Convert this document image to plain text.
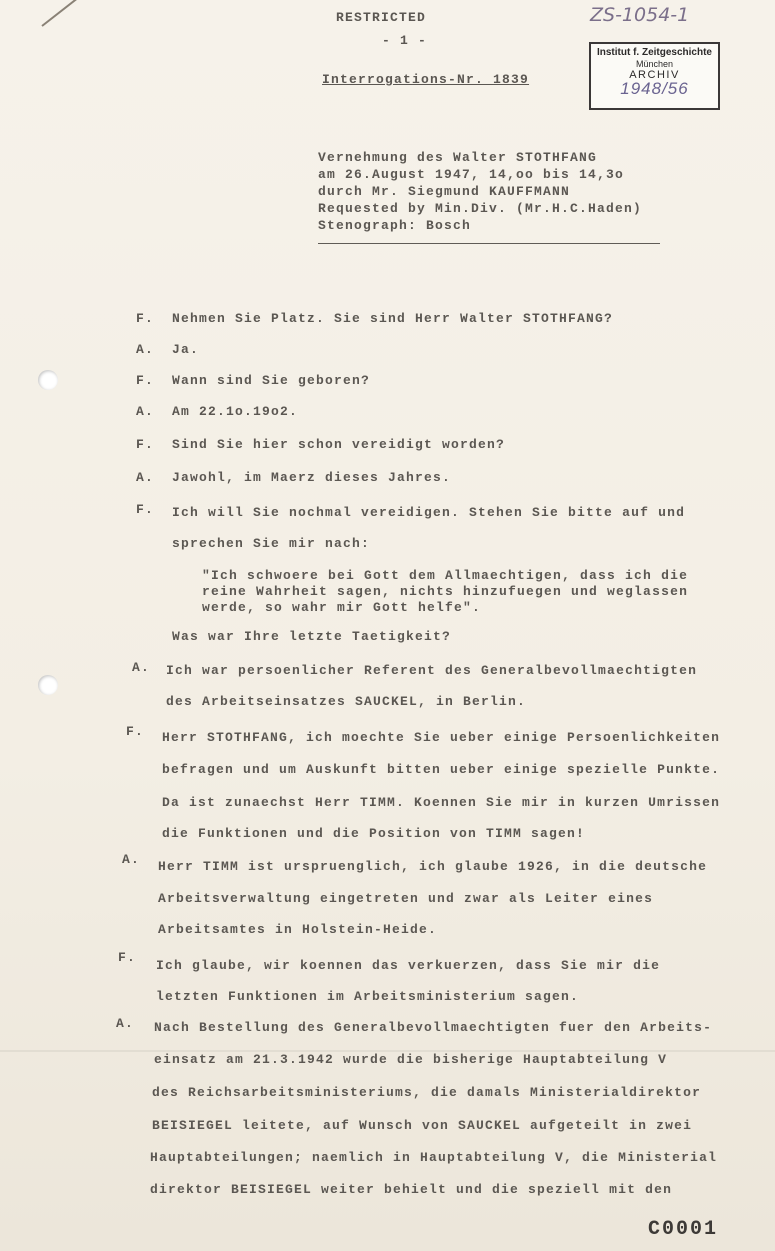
RESTRICTED

- 1 -

Interrogations-Nr. 1839

ZS-1054-1

Institut f. Zeitgeschichte
München
ARCHIV
1948/56

Vernehmung des Walter STOTHFANG

am 26.August 1947, 14,oo bis 14,3o

durch Mr. Siegmund KAUFFMANN

Requested by Min.Div. (Mr.H.C.Haden)

Stenograph: Bosch

F. Nehmen Sie Platz. Sie sind Herr Walter STOTHFANG?

A. Ja.

F. Wann sind Sie geboren?

A. Am 22.1o.19o2.

F. Sind Sie hier schon vereidigt worden?

A. Jawohl, im Maerz dieses Jahres.

F. Ich will Sie nochmal vereidigen. Stehen Sie bitte auf und

sprechen Sie mir nach:

"Ich schwoere bei Gott dem Allmaechtigen, dass ich die

reine Wahrheit sagen, nichts hinzufuegen und weglassen

werde, so wahr mir Gott helfe".

Was war Ihre letzte Taetigkeit?

A. Ich war persoenlicher Referent des Generalbevollmaechtigten

des Arbeitseinsatzes SAUCKEL, in Berlin.

F. Herr STOTHFANG, ich moechte Sie ueber einige Persoenlichkeiten

befragen und um Auskunft bitten ueber einige spezielle Punkte.

Da ist zunaechst Herr TIMM. Koennen Sie mir in kurzen Umrissen

die Funktionen und die Position von TIMM sagen!

A. Herr TIMM ist urspruenglich, ich glaube 1926, in die deutsche

Arbeitsverwaltung eingetreten und zwar als Leiter eines

Arbeitsamtes in Holstein-Heide.

F.

Ich glaube, wir koennen das verkuerzen, dass Sie mir die

letzten Funktionen im Arbeitsministerium sagen.

A. Nach Bestellung des Generalbevollmaechtigten fuer den Arbeits-

einsatz am 21.3.1942 wurde die bisherige Hauptabteilung V

des Reichsarbeitsministeriums, die damals Ministerialdirektor

BEISIEGEL leitete, auf Wunsch von SAUCKEL aufgeteilt in zwei

Hauptabteilungen; naemlich in Hauptabteilung V, die Ministerial

direktor BEISIEGEL weiter behielt und die speziell mit den

C0001
